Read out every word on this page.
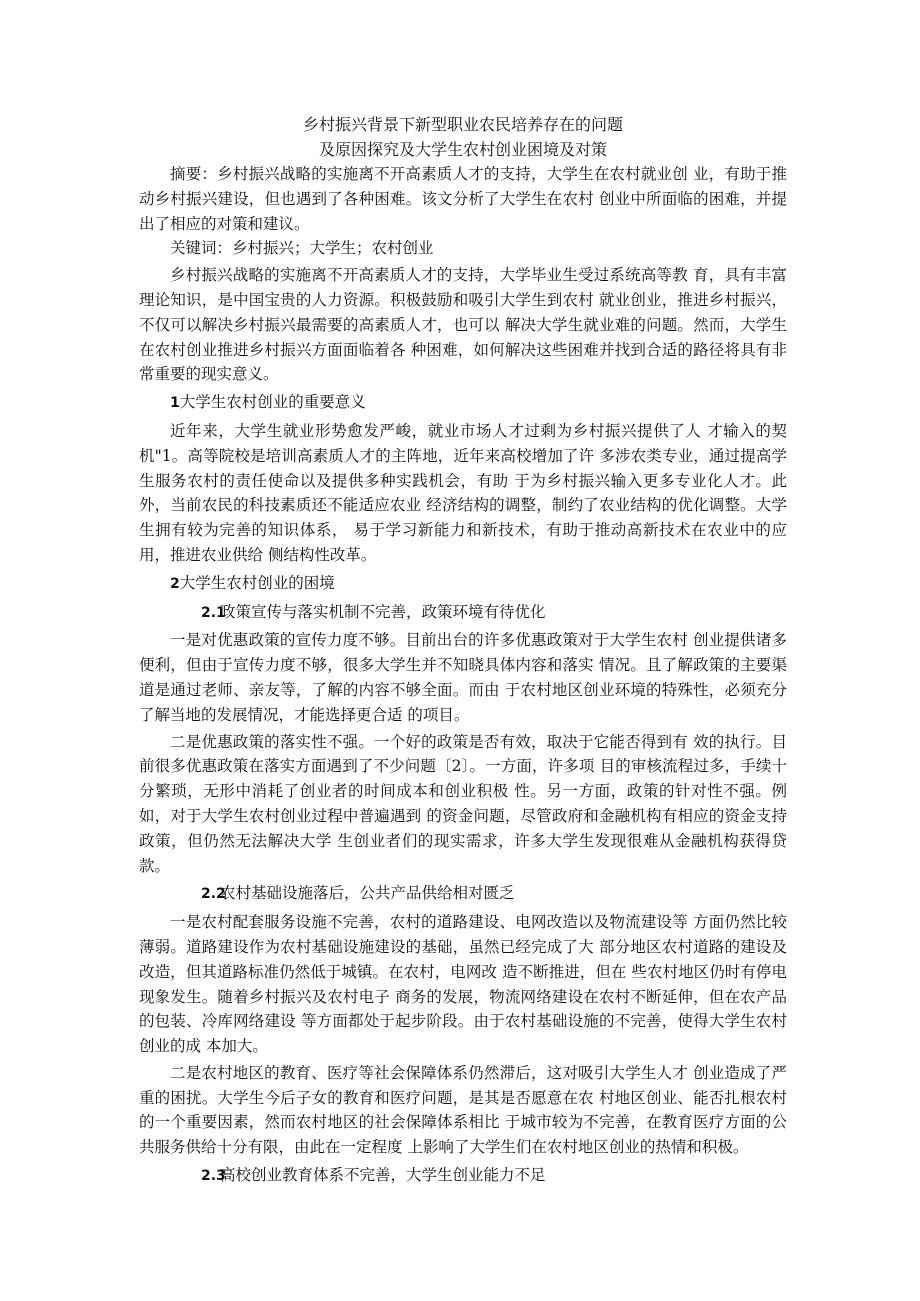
乡村振兴背景下新型职业农民培养存在的问题
及原因探究及大学生农村创业困境及对策

摘要：乡村振兴战略的实施离不开高素质人才的支持，大学生在农村就业创 业，有助于推动乡村振兴建设，但也遇到了各种困难。该文分析了大学生在农村 创业中所面临的困难，并提出了相应的对策和建议。

关键词：乡村振兴；大学生；农村创业

乡村振兴战略的实施离不开高素质人才的支持，大学毕业生受过系统高等教 育，具有丰富理论知识，是中国宝贵的人力资源。积极鼓励和吸引大学生到农村 就业创业，推进乡村振兴，不仅可以解决乡村振兴最需要的高素质人才，也可以 解决大学生就业难的问题。然而，大学生在农村创业推进乡村振兴方面面临着各 种困难，如何解决这些困难并找到合适的路径将具有非常重要的现实意义。

1大学生农村创业的重要意义

近年来，大学生就业形势愈发严峻，就业市场人才过剩为乡村振兴提供了人 才输入的契机"1。高等院校是培训高素质人才的主阵地，近年来高校增加了许 多涉农类专业，通过提高学生服务农村的责任使命以及提供多种实践机会，有助 于为乡村振兴输入更多专业化人才。此外，当前农民的科技素质还不能适应农业 经济结构的调整，制约了农业结构的优化调整。大学生拥有较为完善的知识体系， 易于学习新能力和新技术，有助于推动高新技术在农业中的应用，推进农业供给 侧结构性改革。

2大学生农村创业的困境

2.1政策宣传与落实机制不完善，政策环境有待优化

一是对优惠政策的宣传力度不够。目前出台的许多优惠政策对于大学生农村 创业提供诸多便利，但由于宣传力度不够，很多大学生并不知晓具体内容和落实 情况。且了解政策的主要渠道是通过老师、亲友等，了解的内容不够全面。而由 于农村地区创业环境的特殊性，必须充分了解当地的发展情况，才能选择更合适 的项目。

二是优惠政策的落实性不强。一个好的政策是否有效，取决于它能否得到有 效的执行。目前很多优惠政策在落实方面遇到了不少问题〔2〕。一方面，许多项 目的审核流程过多，手续十分繁琐，无形中消耗了创业者的时间成本和创业积极 性。另一方面，政策的针对性不强。例如，对于大学生农村创业过程中普遍遇到 的资金问题，尽管政府和金融机构有相应的资金支持政策，但仍然无法解决大学 生创业者们的现实需求，许多大学生发现很难从金融机构获得贷款。

2.2农村基础设施落后，公共产品供给相对匮乏

一是农村配套服务设施不完善，农村的道路建设、电网改造以及物流建设等 方面仍然比较薄弱。道路建设作为农村基础设施建设的基础，虽然已经完成了大 部分地区农村道路的建设及改造，但其道路标准仍然低于城镇。在农村，电网改 造不断推进，但在 些农村地区仍时有停电现象发生。随着乡村振兴及农村电子 商务的发展，物流网络建设在农村不断延伸，但在农产品的包装、冷库网络建设 等方面都处于起步阶段。由于农村基础设施的不完善，使得大学生农村创业的成 本加大。

二是农村地区的教育、医疗等社会保障体系仍然滞后，这对吸引大学生人才 创业造成了严重的困扰。大学生今后子女的教育和医疗问题，是其是否愿意在农 村地区创业、能否扎根农村的一个重要因素，然而农村地区的社会保障体系相比 于城市较为不完善，在教育医疗方面的公共服务供给十分有限，由此在一定程度 上影响了大学生们在农村地区创业的热情和积极。

2.3高校创业教育体系不完善，大学生创业能力不足
